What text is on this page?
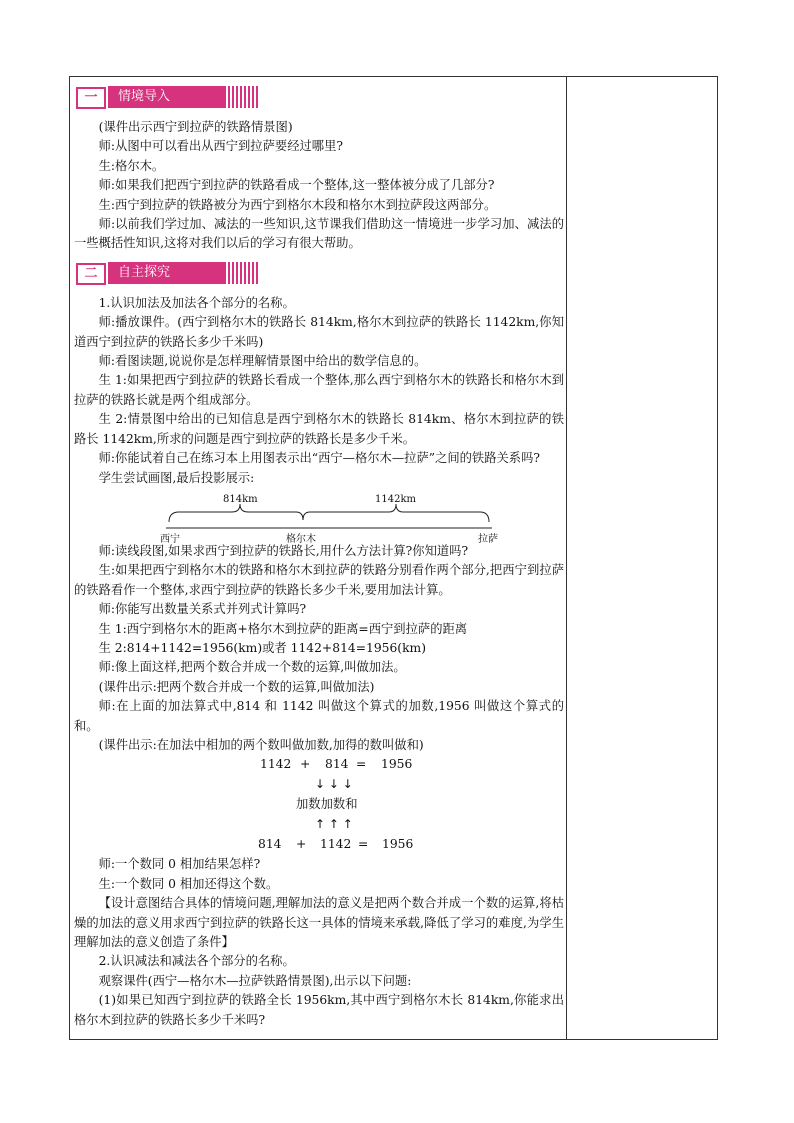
一	情境导入

(课件出示西宁到拉萨的铁路情景图)

师:从图中可以看出从西宁到拉萨要经过哪里?

生:格尔木。

师:如果我们把西宁到拉萨的铁路看成一个整体,这一整体被分成了几部分?

生:西宁到拉萨的铁路被分为西宁到格尔木段和格尔木到拉萨段这两部分。

师:以前我们学过加、减法的一些知识,这节课我们借助这一情境进一步学习加、减法的一些概括性知识,这将对我们以后的学习有很大帮助。

二	自主探究

1.认识加法及加法各个部分的名称。

师:播放课件。(西宁到格尔木的铁路长 814km,格尔木到拉萨的铁路长 1142km,你知道西宁到拉萨的铁路长多少千米吗)

师:看图读题,说说你是怎样理解情景图中给出的数学信息的。

生 1:如果把西宁到拉萨的铁路长看成一个整体,那么西宁到格尔木的铁路长和格尔木到拉萨的铁路长就是两个组成部分。

生 2:情景图中给出的已知信息是西宁到格尔木的铁路长 814km、格尔木到拉萨的铁路长 1142km,所求的问题是西宁到拉萨的铁路长是多少千米。

师:你能试着自己在练习本上用图表示出“西宁—格尔木—拉萨”之间的铁路关系吗?

学生尝试画图,最后投影展示:

814km	1142km
西宁	格尔木	拉萨

师:读线段图,如果求西宁到拉萨的铁路长,用什么方法计算?你知道吗?

生:如果把西宁到格尔木的铁路和格尔木到拉萨的铁路分别看作两个部分,把西宁到拉萨的铁路看作一个整体,求西宁到拉萨的铁路长多少千米,要用加法计算。

师:你能写出数量关系式并列式计算吗?

生 1:西宁到格尔木的距离+格尔木到拉萨的距离=西宁到拉萨的距离

生 2:814+1142=1956(km)或者 1142+814=1956(km)

师:像上面这样,把两个数合并成一个数的运算,叫做加法。

(课件出示:把两个数合并成一个数的运算,叫做加法)

师:在上面的加法算式中,814 和 1142 叫做这个算式的加数,1956 叫做这个算式的和。

(课件出示:在加法中相加的两个数叫做加数,加得的数叫做和)

1142 + 814 = 1956
↓ ↓ ↓
加数加数和
↑ ↑ ↑
814 + 1142 = 1956

师:一个数同 0 相加结果怎样?

生:一个数同 0 相加还得这个数。

【设计意图结合具体的情境问题,理解加法的意义是把两个数合并成一个数的运算,将枯燥的加法的意义用求西宁到拉萨的铁路长这一具体的情境来承载,降低了学习的难度,为学生理解加法的意义创造了条件】

2.认识减法和减法各个部分的名称。

观察课件(西宁—格尔木—拉萨铁路情景图),出示以下问题:

(1)如果已知西宁到拉萨的铁路全长 1956km,其中西宁到格尔木长 814km,你能求出格尔木到拉萨的铁路长多少千米吗?
